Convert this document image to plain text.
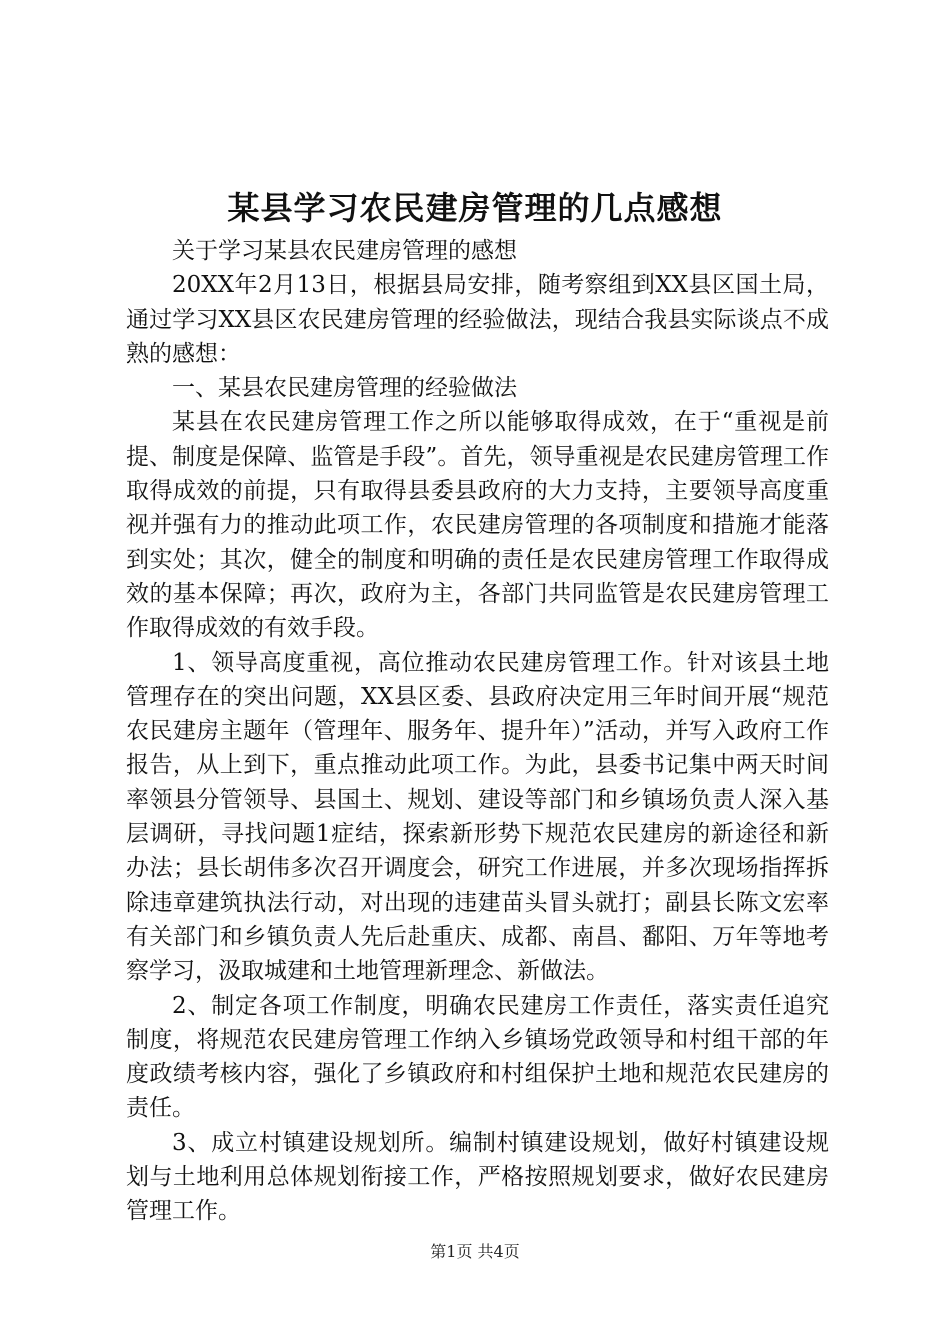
某县学习农民建房管理的几点感想

关于学习某县农民建房管理的感想

20XX年2月13日，根据县局安排，随考察组到XX县区国土局，通过学习XX县区农民建房管理的经验做法，现结合我县实际谈点不成熟的感想：

一、某县农民建房管理的经验做法

某县在农民建房管理工作之所以能够取得成效，在于“重视是前提、制度是保障、监管是手段”。首先，领导重视是农民建房管理工作取得成效的前提，只有取得县委县政府的大力支持，主要领导高度重视并强有力的推动此项工作，农民建房管理的各项制度和措施才能落到实处；其次，健全的制度和明确的责任是农民建房管理工作取得成效的基本保障；再次，政府为主，各部门共同监管是农民建房管理工作取得成效的有效手段。

1、领导高度重视，高位推动农民建房管理工作。针对该县土地管理存在的突出问题，XX县区委、县政府决定用三年时间开展“规范农民建房主题年（管理年、服务年、提升年）”活动，并写入政府工作报告，从上到下，重点推动此项工作。为此，县委书记集中两天时间率领县分管领导、县国土、规划、建设等部门和乡镇场负责人深入基层调研，寻找问题1症结，探索新形势下规范农民建房的新途径和新办法；县长胡伟多次召开调度会，研究工作进展，并多次现场指挥拆除违章建筑执法行动，对出现的违建苗头冒头就打；副县长陈文宏率有关部门和乡镇负责人先后赴重庆、成都、南昌、鄱阳、万年等地考察学习，汲取城建和土地管理新理念、新做法。

2、制定各项工作制度，明确农民建房工作责任，落实责任追究制度，将规范农民建房管理工作纳入乡镇场党政领导和村组干部的年度政绩考核内容，强化了乡镇政府和村组保护土地和规范农民建房的责任。

3、成立村镇建设规划所。编制村镇建设规划，做好村镇建设规划与土地利用总体规划衔接工作，严格按照规划要求，做好农民建房管理工作。

第1页 共4页
